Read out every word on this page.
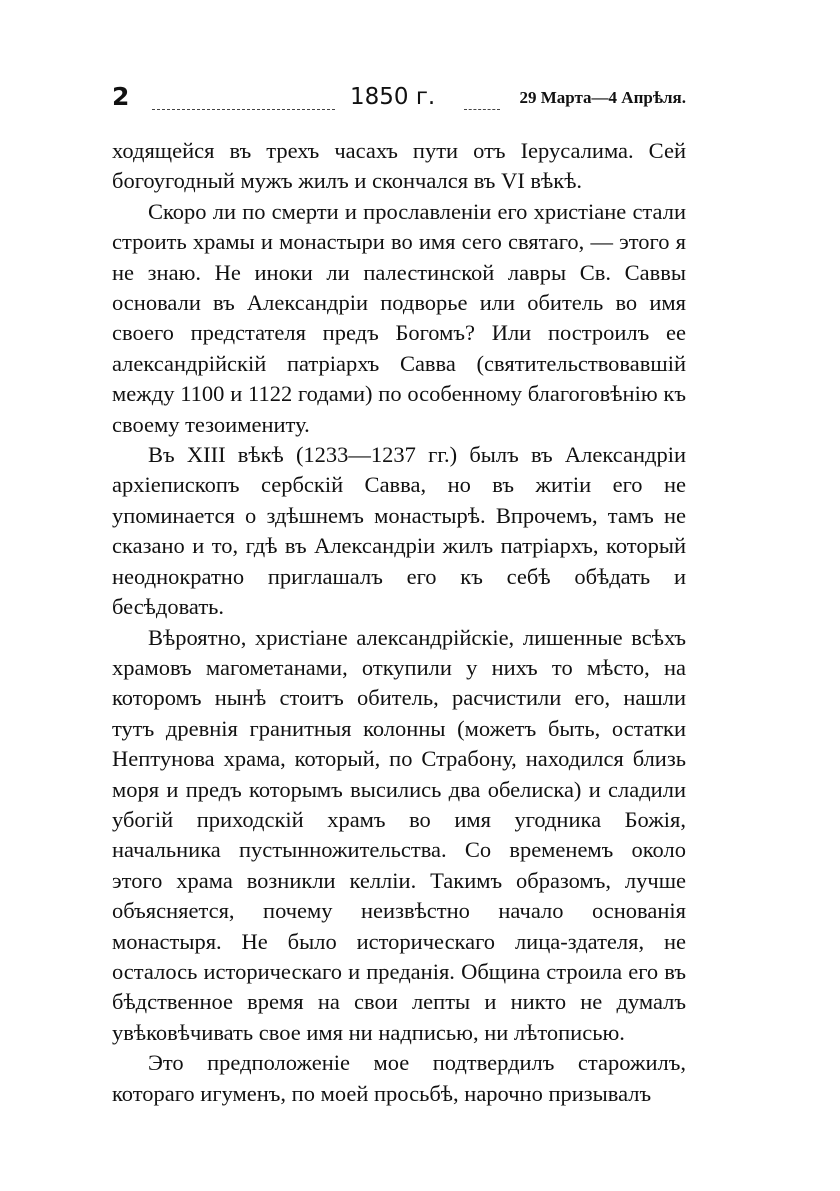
2	1850 г.	29 Марта—4 Апрѣля.

ходящейся въ трехъ часахъ пути отъ Іерусалима. Сей богоугодный мужъ жилъ и скончался въ VI вѣкѣ.

Скоро ли по смерти и прославленіи его христіане стали строить храмы и монастыри во имя сего святаго, — этого я не знаю. Не иноки ли палестинской лавры Св. Саввы основали въ Александріи подворье или обитель во имя своего предстателя предъ Богомъ? Или построилъ ее александрійскій патріархъ Савва (святительствовавшій между 1100 и 1122 годами) по особенному благоговѣнію къ своему тезоимениту.

Въ XIII вѣкѣ (1233—1237 гг.) былъ въ Александріи архіепископъ сербскій Савва, но въ житіи его не упоминается о здѣшнемъ монастырѣ. Впрочемъ, тамъ не сказано и то, гдѣ въ Александріи жилъ патріархъ, который неоднократно приглашалъ его къ себѣ обѣдать и бесѣдовать.

Вѣроятно, христіане александрійскіе, лишенные всѣхъ храмовъ магометанами, откупили у нихъ то мѣсто, на которомъ нынѣ стоитъ обитель, расчистили его, нашли тутъ древнія гранитныя колонны (можетъ быть, остатки Нептунова храма, который, по Страбону, находился близь моря и предъ которымъ высились два обелиска) и сладили убогій приходскій храмъ во имя угодника Божія, начальника пустынножительства. Со временемъ около этого храма возникли келліи. Такимъ образомъ, лучше объясняется, почему неизвѣстно начало основанія монастыря. Не было историческаго лица-здателя, не осталось историческаго и преданія. Община строила его въ бѣдственное время на свои лепты и никто не думалъ увѣковѣчивать свое имя ни надписью, ни лѣтописью.

Это предположеніе мое подтвердилъ старожилъ, котораго игуменъ, по моей просьбѣ, нарочно призывалъ
